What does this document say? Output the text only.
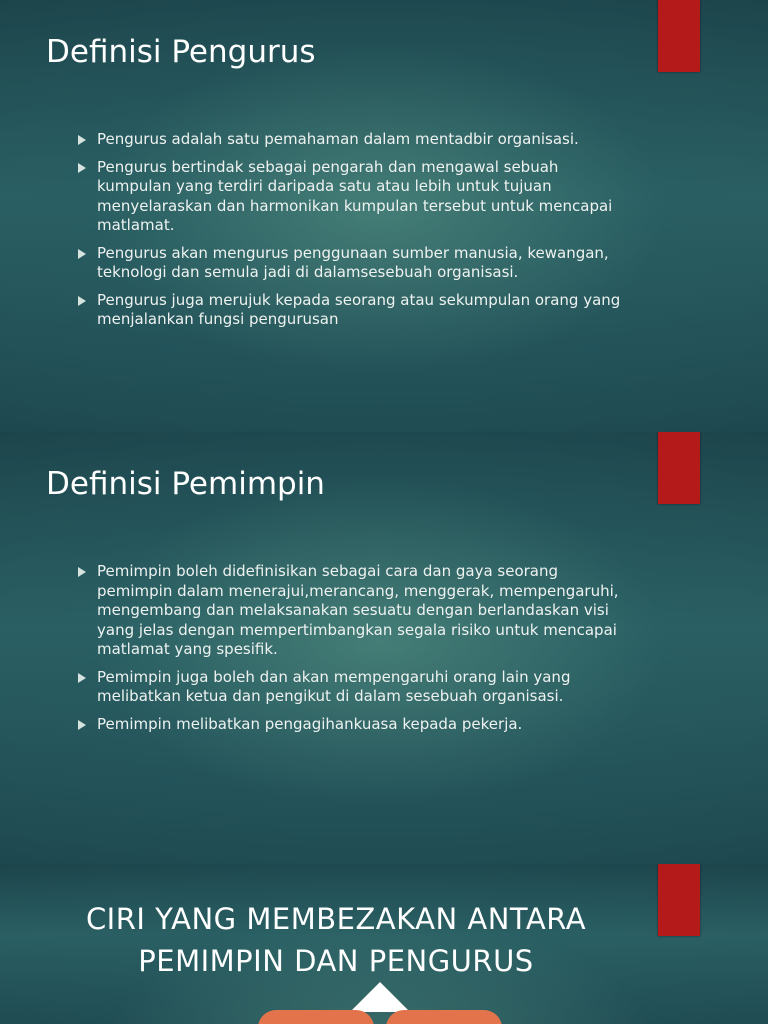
Definisi Pengurus
Pengurus adalah satu pemahaman dalam mentadbir organisasi.
Pengurus bertindak sebagai pengarah dan mengawal sebuah kumpulan yang terdiri daripada satu atau lebih untuk tujuan menyelaraskan dan harmonikan kumpulan tersebut untuk mencapai matlamat.
Pengurus akan mengurus penggunaan sumber manusia, kewangan, teknologi dan semula jadi di dalamsesebuah organisasi.
Pengurus juga merujuk kepada seorang atau sekumpulan orang yang menjalankan fungsi pengurusan
Definisi Pemimpin
Pemimpin boleh didefinisikan sebagai cara dan gaya seorang pemimpin dalam menerajui,merancang, menggerak, mempengaruhi, mengembang dan melaksanakan sesuatu dengan berlandaskan visi yang jelas dengan mempertimbangkan segala risiko untuk mencapai matlamat yang spesifik.
Pemimpin juga boleh dan akan mempengaruhi orang lain yang melibatkan ketua dan pengikut di dalam sesebuah organisasi.
Pemimpin melibatkan pengagihankuasa kepada pekerja.
CIRI YANG MEMBEZAKAN ANTARA
PEMIMPIN DAN PENGURUS
